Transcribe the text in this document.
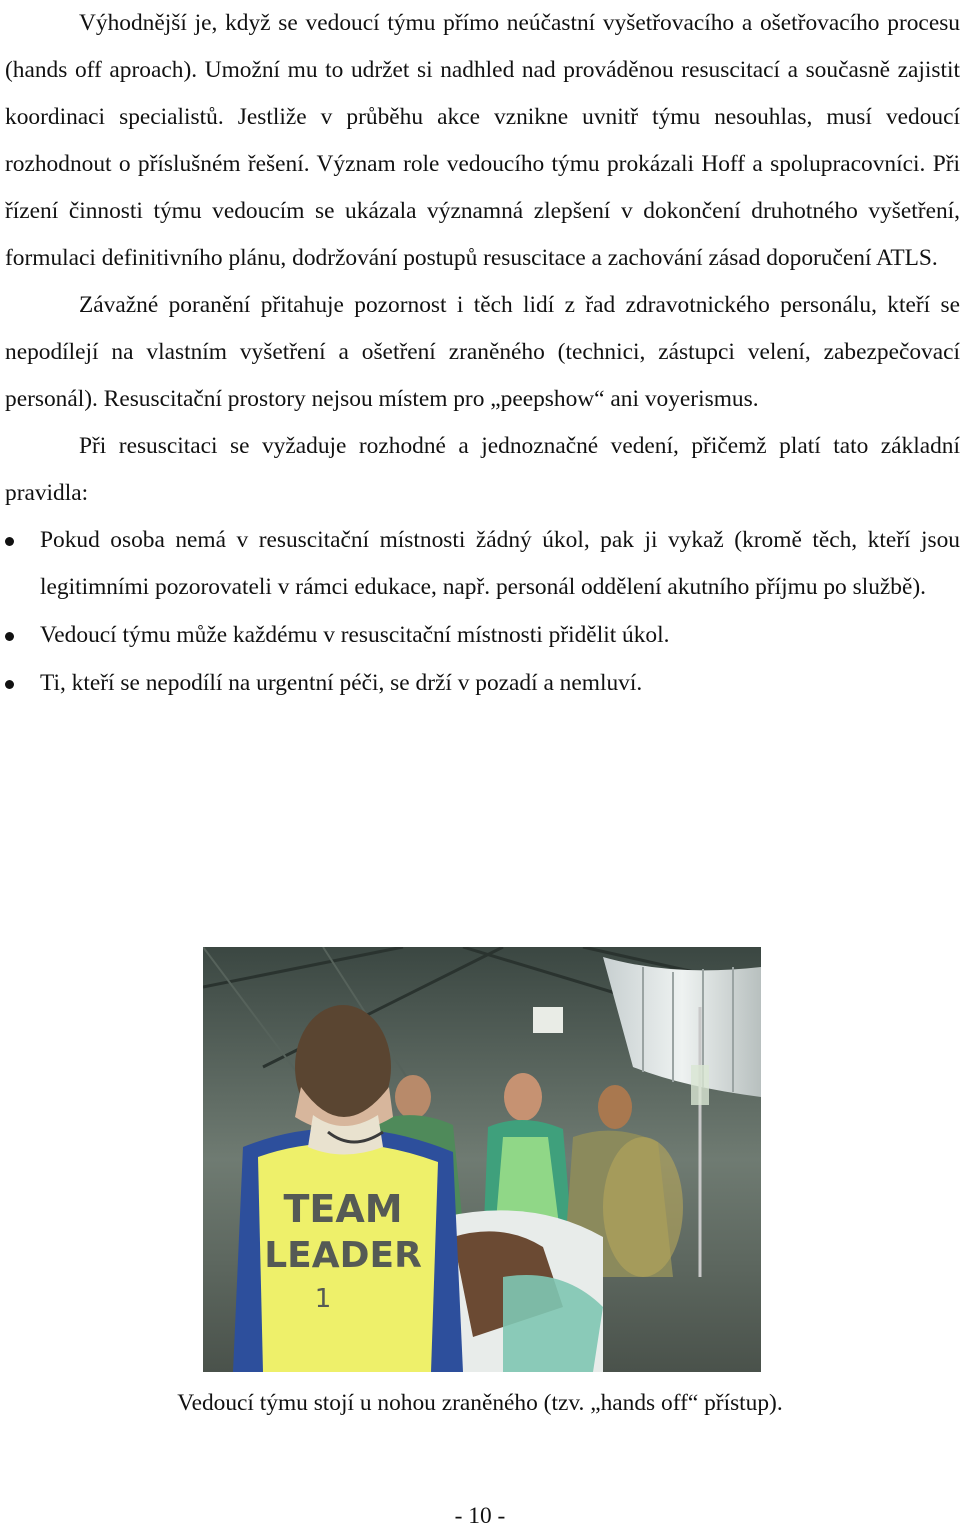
Výhodnější je, když se vedoucí týmu přímo neúčastní vyšetřovacího a ošetřovacího procesu (hands off aproach). Umožní mu to udržet si nadhled nad prováděnou resuscitací a současně zajistit koordinaci specialistů. Jestliže v průběhu akce vznikne uvnitř týmu nesouhlas, musí vedoucí rozhodnout o příslušném řešení. Význam role vedoucího týmu prokázali Hoff a spolupracovníci. Při řízení činnosti týmu vedoucím se ukázala významná zlepšení v dokončení druhotného vyšetření, formulaci definitivního plánu, dodržování postupů resuscitace a zachování zásad doporučení ATLS.

Závažné poranění přitahuje pozornost i těch lidí z řad zdravotnického personálu, kteří se nepodílejí na vlastním vyšetření a ošetření zraněného (technici, zástupci velení, zabezpečovací personál). Resuscitační prostory nejsou místem pro „peepshow“ ani voyerismus.

Při resuscitaci se vyžaduje rozhodné a jednoznačné vedení, přičemž platí tato základní pravidla:

Pokud osoba nemá v resuscitační místnosti žádný úkol, pak ji vykaž (kromě těch, kteří jsou legitimními pozorovateli v rámci edukace, např. personál oddělení akutního příjmu po službě).
Vedoucí týmu může každému v resuscitační místnosti přidělit úkol.
Ti, kteří se nepodílí na urgentní péči, se drží v pozadí a nemluví.
TEAM
LEADER
1
Vedoucí týmu stojí u nohou zraněného (tzv. „hands off“ přístup).
- 10 -
